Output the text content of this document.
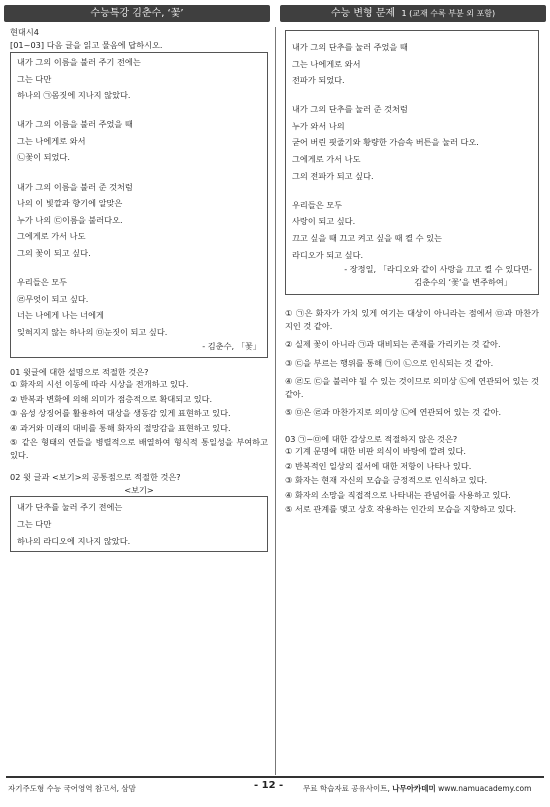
수능특강 김춘수, ‘꽃’	수능 변형 문제 1 (교재 수록 부분 외 포함)
현대시4
[01~03] 다음 글을 읽고 물음에 답하시오.
내가 그의 이름을 불러 주기 전에는
그는 다만
하나의 ㉠몸짓에 지나지 않았다.
내가 그의 이름을 불러 주었을 때
그는 나에게로 와서
㉡꽃이 되었다.
내가 그의 이름을 불러 준 것처럼
나의 이 빛깔과 향기에 알맞은
누가 나의 ㉢이름을 불러다오.
그에게로 가서 나도
그의 꽃이 되고 싶다.
우리들은 모두
㉣무엇이 되고 싶다.
너는 나에게 나는 너에게
잊혀지지 않는 하나의 ㉤눈짓이 되고 싶다.
- 김춘수, 「꽃」
01 윗글에 대한 설명으로 적절한 것은?
① 화자의 시선 이동에 따라 시상을 전개하고 있다.
② 반복과 변화에 의해 의미가 점층적으로 확대되고 있다.
③ 음성 상징어를 활용하여 대상을 생동감 있게 표현하고 있다.
④ 과거와 미래의 대비를 통해 화자의 절망감을 표현하고 있다.
⑤ 같은 형태의 연들을 병렬적으로 배열하여 형식적 통일성을 부여하고 있다.
02 윗 글과 <보기>의 공통점으로 적절한 것은?
<보기>
내가 단추를 눌러 주기 전에는
그는 다만
하나의 라디오에 지나지 않았다.
내가 그의 단추를 눌러 주었을 때
그는 나에게로 와서
전파가 되었다.
내가 그의 단추를 눌러 준 것처럼
누가 와서 나의
굳어 버린 핏줄기와 황량한 가슴속 버튼을 눌러 다오.
그에게로 가서 나도
그의 전파가 되고 싶다.
우리들은 모두
사랑이 되고 싶다.
끄고 싶을 때 끄고 켜고 싶을 때 켤 수 있는
라디오가 되고 싶다.
- 장정일, 「라디오와 같이 사랑을 끄고 켤 수 있다면-
김춘수의 ‘꽃’을 변주하여」
① ㉠은 화자가 가치 있게 여기는 대상이 아니라는 점에서 ㉤과 마찬가지인 것 같아.
② 실제 꽃이 아니라 ㉠과 대비되는 존재를 가리키는 것 같아.
③ ㉢을 부르는 행위를 통해 ㉠이 ㉡으로 인식되는 것 같아.
④ ㉣도 ㉢을 불러야 될 수 있는 것이므로 의미상 ㉡에 연관되어 있는 것 같아.
⑤ ㉤은 ㉣과 마찬가지로 의미상 ㉡에 연관되어 있는 것 같아.
03 ㉠~㉤에 대한 감상으로 적절하지 않은 것은?
① 기계 문명에 대한 비판 의식이 바탕에 깔려 있다.
② 반복적인 일상의 질서에 대한 저항이 나타나 있다.
③ 화자는 현재 자신의 모습을 긍정적으로 인식하고 있다.
④ 화자의 소망을 직접적으로 나타내는 관념어를 사용하고 있다.
⑤ 서로 관계를 맺고 상호 작용하는 인간의 모습을 지향하고 있다.
자기주도형 수능 국어영역 참고서, 삼맘	- 12 -	무료 학습자료 공유사이트, 나무아카데미 www.namuacademy.com
